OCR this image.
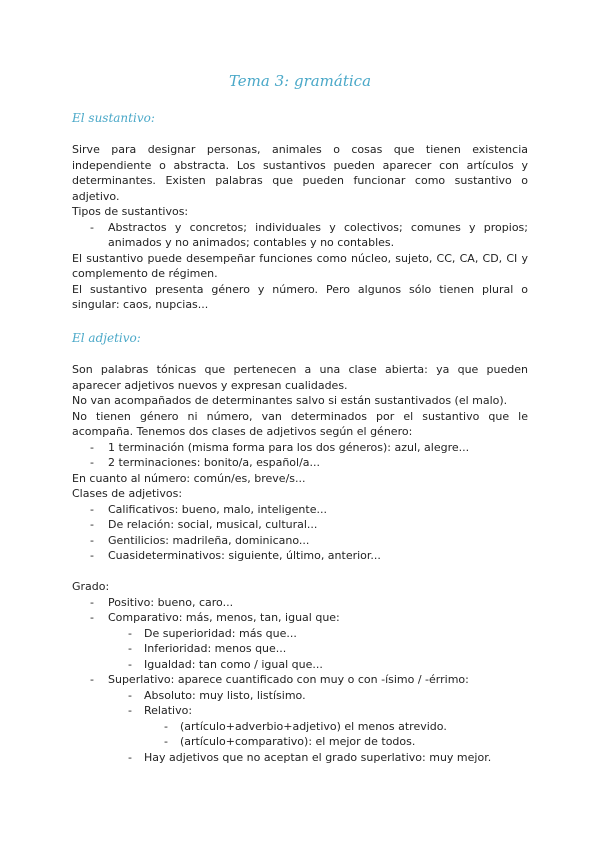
Tema 3: gramática
El sustantivo:

Sirve para designar personas, animales o cosas que tienen existencia independiente o abstracta. Los sustantivos pueden aparecer con artículos y determinantes. Existen palabras que pueden funcionar como sustantivo o adjetivo.

Tipos de sustantivos:

- Abstractos y concretos; individuales y colectivos; comunes y propios; animados y no animados; contables y no contables.

El sustantivo puede desempeñar funciones como núcleo, sujeto, CC, CA, CD, CI y complemento de régimen.

El sustantivo presenta género y número. Pero algunos sólo tienen plural o singular: caos, nupcias...

El adjetivo:

Son palabras tónicas que pertenecen a una clase abierta: ya que pueden aparecer adjetivos nuevos y expresan cualidades.

No van acompañados de determinantes salvo si están sustantivados (el malo).

No tienen género ni número, van determinados por el sustantivo que le acompaña. Tenemos dos clases de adjetivos según el género:

- 1 terminación (misma forma para los dos géneros): azul, alegre...

- 2 terminaciones: bonito/a, español/a...

En cuanto al número: común/es, breve/s...

Clases de adjetivos:

- Calificativos: bueno, malo, inteligente...

- De relación: social, musical, cultural...

- Gentilicios: madrileña, dominicano...

- Cuasideterminativos: siguiente, último, anterior...

Grado:

- Positivo: bueno, caro...

- Comparativo: más, menos, tan, igual que:

- De superioridad: más que...

- Inferioridad: menos que...

- Igualdad: tan como / igual que...

- Superlativo: aparece cuantificado con muy o con -ísimo / -érrimo:

- Absoluto: muy listo, listísimo.

- Relativo:

- (artículo+adverbio+adjetivo) el menos atrevido.

- (artículo+comparativo): el mejor de todos.

- Hay adjetivos que no aceptan el grado superlativo: muy mejor.
